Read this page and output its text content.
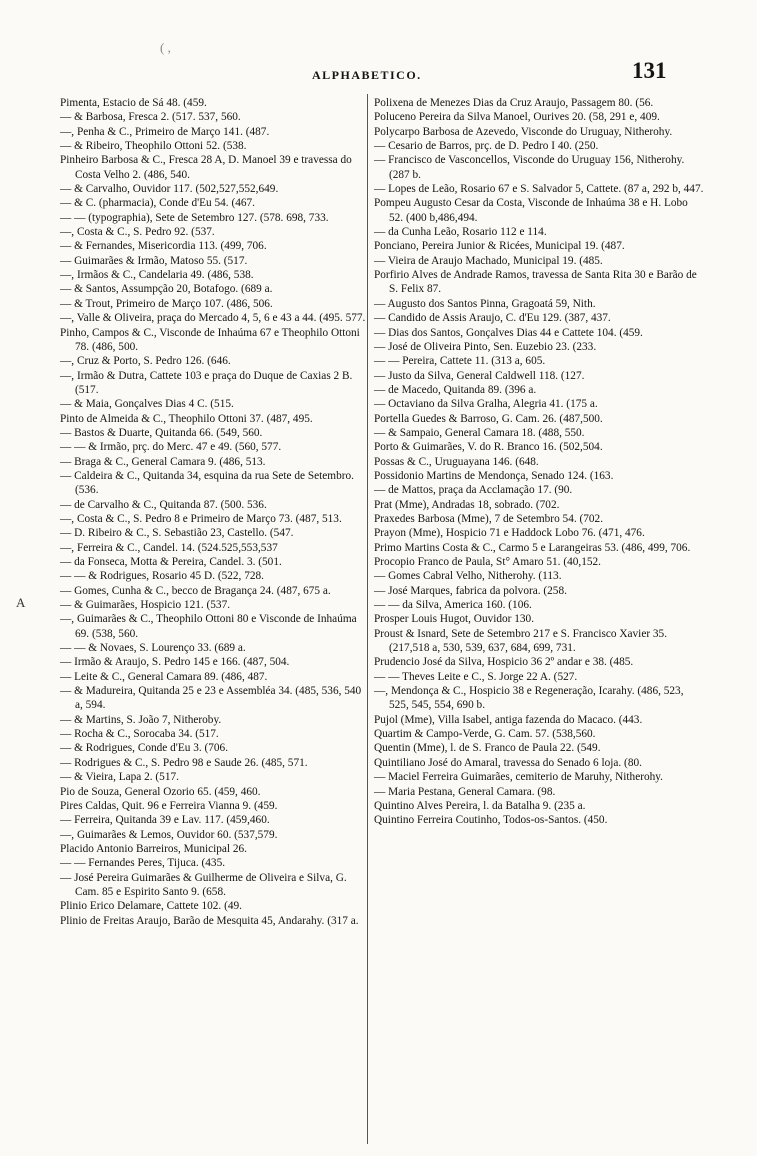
ALPHABETICO.	131
( ,
A

Pimenta, Estacio de Sá 48. (459.

— & Barbosa, Fresca 2. (517. 537, 560.

—, Penha & C., Primeiro de Março 141. (487.

— & Ribeiro, Theophilo Ottoni 52. (538.

Pinheiro Barbosa & C., Fresca 28 A, D. Manoel 39 e travessa do Costa Velho 2. (486, 540.

— & Carvalho, Ouvidor 117. (502,527,552,649.

— & C. (pharmacia), Conde d'Eu 54. (467.

— — (typographia), Sete de Setembro 127. (578. 698, 733.

—, Costa & C., S. Pedro 92. (537.

— & Fernandes, Misericordia 113. (499, 706.

— Guimarães & Irmão, Matoso 55. (517.

—, Irmãos & C., Candelaria 49. (486, 538.

— & Santos, Assumpção 20, Botafogo. (689 a.

— & Trout, Primeiro de Março 107. (486, 506.

—, Valle & Oliveira, praça do Mercado 4, 5, 6 e 43 a 44. (495. 577.

Pinho, Campos & C., Visconde de Inhaúma 67 e Theophilo Ottoni 78. (486, 500.

—, Cruz & Porto, S. Pedro 126. (646.

—, Irmão & Dutra, Cattete 103 e praça do Duque de Caxias 2 B. (517.

— & Maia, Gonçalves Dias 4 C. (515.

Pinto de Almeida & C., Theophilo Ottoni 37. (487, 495.

— Bastos & Duarte, Quitanda 66. (549, 560.

— — & Irmão, prç. do Merc. 47 e 49. (560, 577.

— Braga & C., General Camara 9. (486, 513.

— Caldeira & C., Quitanda 34, esquina da rua Sete de Setembro. (536.

— de Carvalho & C., Quitanda 87. (500. 536.

—, Costa & C., S. Pedro 8 e Primeiro de Março 73. (487, 513.

— D. Ribeiro & C., S. Sebastião 23, Castello. (547.

—, Ferreira & C., Candel. 14. (524.525,553,537

— da Fonseca, Motta & Pereira, Candel. 3. (501.

— — & Rodrigues, Rosario 45 D. (522, 728.

— Gomes, Cunha & C., becco de Bragança 24. (487, 675 a.

— & Guimarães, Hospicio 121. (537.

—, Guimarães & C., Theophilo Ottoni 80 e Visconde de Inhaúma 69. (538, 560.

— — & Novaes, S. Lourenço 33. (689 a.

— Irmão & Araujo, S. Pedro 145 e 166. (487, 504.

— Leite & C., General Camara 89. (486, 487.

— & Madureira, Quitanda 25 e 23 e Assembléa 34. (485, 536, 540 a, 594.

— & Martins, S. João 7, Nitheroby.

— Rocha & C., Sorocaba 34. (517.

— & Rodrigues, Conde d'Eu 3. (706.

— Rodrigues & C., S. Pedro 98 e Saude 26. (485, 571.

— & Vieira, Lapa 2. (517.

Pio de Souza, General Ozorio 65. (459, 460.

Pires Caldas, Quit. 96 e Ferreira Vianna 9. (459.

— Ferreira, Quitanda 39 e Lav. 117. (459,460.

—, Guimarães & Lemos, Ouvidor 60. (537,579.

Placido Antonio Barreiros, Municipal 26.

— — Fernandes Peres, Tijuca. (435.

— José Pereira Guimarães & Guilherme de Oliveira e Silva, G. Cam. 85 e Espirito Santo 9. (658.

Plinio Erico Delamare, Cattete 102. (49.

Plinio de Freitas Araujo, Barão de Mesquita 45, Andarahy. (317 a.

Polixena de Menezes Dias da Cruz Araujo, Passagem 80. (56.

Poluceno Pereira da Silva Manoel, Ourives 20. (58, 291 e, 409.

Polycarpo Barbosa de Azevedo, Visconde do Uruguay, Nitherohy.

— Cesario de Barros, prç. de D. Pedro I 40. (250.

— Francisco de Vasconcellos, Visconde do Uruguay 156, Nitherohy. (287 b.

— Lopes de Leão, Rosario 67 e S. Salvador 5, Cattete. (87 a, 292 b, 447.

Pompeu Augusto Cesar da Costa, Visconde de Inhaúma 38 e H. Lobo 52. (400 b,486,494.

— da Cunha Leão, Rosario 112 e 114.

Ponciano, Pereira Junior & Ricées, Municipal 19. (487.

— Vieira de Araujo Machado, Municipal 19. (485.

Porfirio Alves de Andrade Ramos, travessa de Santa Rita 30 e Barão de S. Felix 87.

— Augusto dos Santos Pinna, Gragoatá 59, Nith.

— Candido de Assis Araujo, C. d'Eu 129. (387, 437.

— Dias dos Santos, Gonçalves Dias 44 e Cattete 104. (459.

— José de Oliveira Pinto, Sen. Euzebio 23. (233.

— — Pereira, Cattete 11. (313 a, 605.

— Justo da Silva, General Caldwell 118. (127.

— de Macedo, Quitanda 89. (396 a.

— Octaviano da Silva Gralha, Alegria 41. (175 a.

Portella Guedes & Barroso, G. Cam. 26. (487,500.

— & Sampaio, General Camara 18. (488, 550.

Porto & Guimarães, V. do R. Branco 16. (502,504.

Possas & C., Uruguayana 146. (648.

Possidonio Martins de Mendonça, Senado 124. (163.

— de Mattos, praça da Acclamação 17. (90.

Prat (Mme), Andradas 18, sobrado. (702.

Praxedes Barbosa (Mme), 7 de Setembro 54. (702.

Prayon (Mme), Hospicio 71 e Haddock Lobo 76. (471, 476.

Primo Martins Costa & C., Carmo 5 e Larangeiras 53. (486, 499, 706.

Procopio Franco de Paula, St° Amaro 51. (40,152.

— Gomes Cabral Velho, Nitherohy. (113.

— José Marques, fabrica da polvora. (258.

— — da Silva, America 160. (106.

Prosper Louis Hugot, Ouvidor 130.

Proust & Isnard, Sete de Setembro 217 e S. Francisco Xavier 35. (217,518 a, 530, 539, 637, 684, 699, 731.

Prudencio José da Silva, Hospicio 36 2º andar e 38. (485.

— — Theves Leite e C., S. Jorge 22 A. (527.

—, Mendonça & C., Hospicio 38 e Regeneração, Icarahy. (486, 523, 525, 545, 554, 690 b.

Pujol (Mme), Villa Isabel, antiga fazenda do Macaco. (443.

Quartim & Campo-Verde, G. Cam. 57. (538,560.

Quentin (Mme), l. de S. Franco de Paula 22. (549.

Quintiliano José do Amaral, travessa do Senado 6 loja. (80.

— Maciel Ferreira Guimarães, cemiterio de Maruhy, Nitherohy.

— Maria Pestana, General Camara. (98.

Quintino Alves Pereira, l. da Batalha 9. (235 a.

Quintino Ferreira Coutinho, Todos-os-Santos. (450.
